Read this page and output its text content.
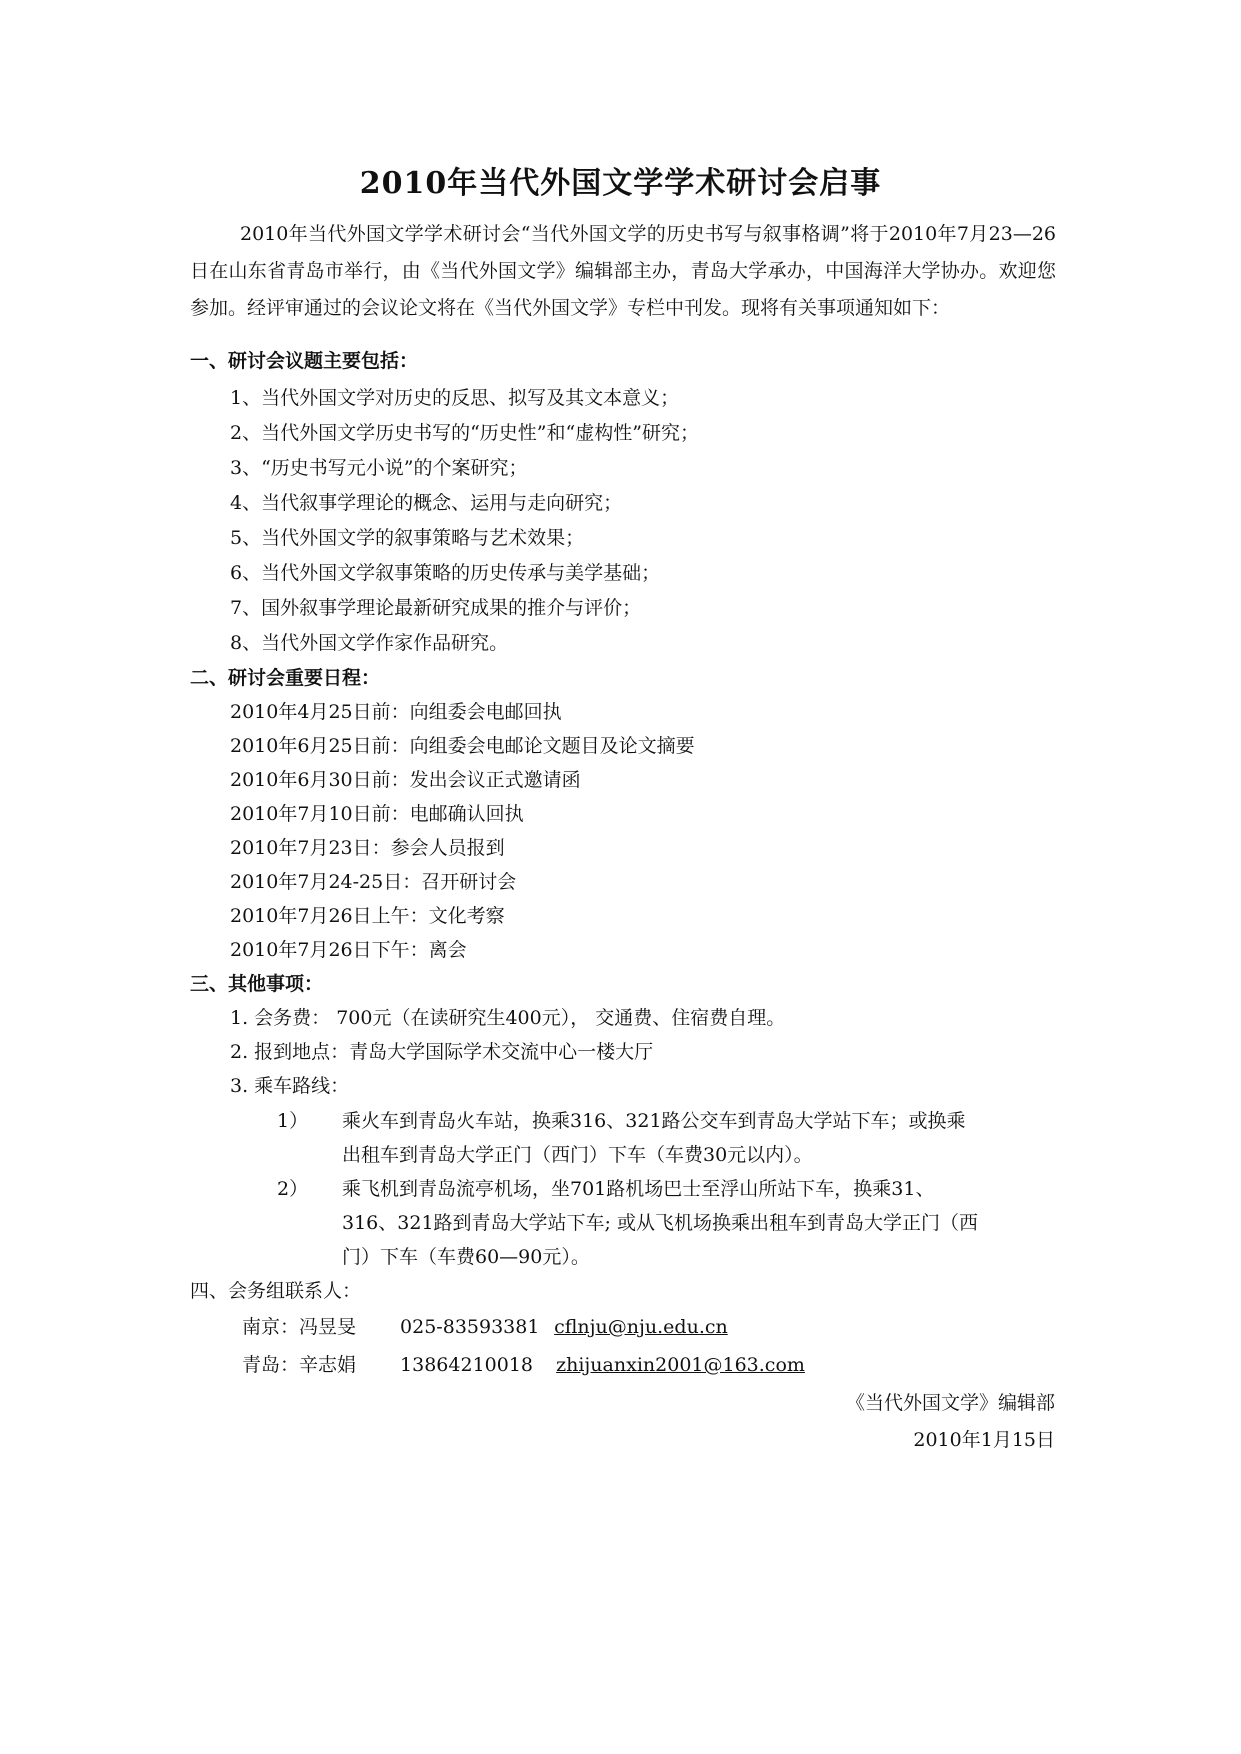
2010年当代外国文学学术研讨会启事
2010年当代外国文学学术研讨会“当代外国文学的历史书写与叙事格调”将于2010年7月23—26日在山东省青岛市举行，由《当代外国文学》编辑部主办，青岛大学承办，中国海洋大学协办。欢迎您参加。经评审通过的会议论文将在《当代外国文学》专栏中刊发。现将有关事项通知如下：
一、研讨会议题主要包括：
1、当代外国文学对历史的反思、拟写及其文本意义；
2、当代外国文学历史书写的“历史性”和“虚构性”研究；
3、“历史书写元小说”的个案研究；
4、当代叙事学理论的概念、运用与走向研究；
5、当代外国文学的叙事策略与艺术效果；
6、当代外国文学叙事策略的历史传承与美学基础；
7、国外叙事学理论最新研究成果的推介与评价；
8、当代外国文学作家作品研究。
二、研讨会重要日程：
2010年4月25日前：向组委会电邮回执
2010年6月25日前：向组委会电邮论文题目及论文摘要
2010年6月30日前：发出会议正式邀请函
2010年7月10日前：电邮确认回执
2010年7月23日：参会人员报到
2010年7月24-25日：召开研讨会
2010年7月26日上午：文化考察
2010年7月26日下午：离会
三、其他事项：
1. 会务费： 700元（在读研究生400元）， 交通费、住宿费自理。
2. 报到地点：青岛大学国际学术交流中心一楼大厅
3. 乘车路线：
1） 乘火车到青岛火车站，换乘316、321路公交车到青岛大学站下车；或换乘
出租车到青岛大学正门（西门）下车（车费30元以内）。
2） 乘飞机到青岛流亭机场，坐701路机场巴士至浮山所站下车，换乘31、
316、321路到青岛大学站下车; 或从飞机场换乘出租车到青岛大学正门（西
门）下车（车费60—90元）。
四、会务组联系人：
南京：冯昱旻 025-83593381 cflnju@nju.edu.cn
青岛：辛志娟 13864210018 zhijuanxin2001@163.com
《当代外国文学》编辑部
2010年1月15日
